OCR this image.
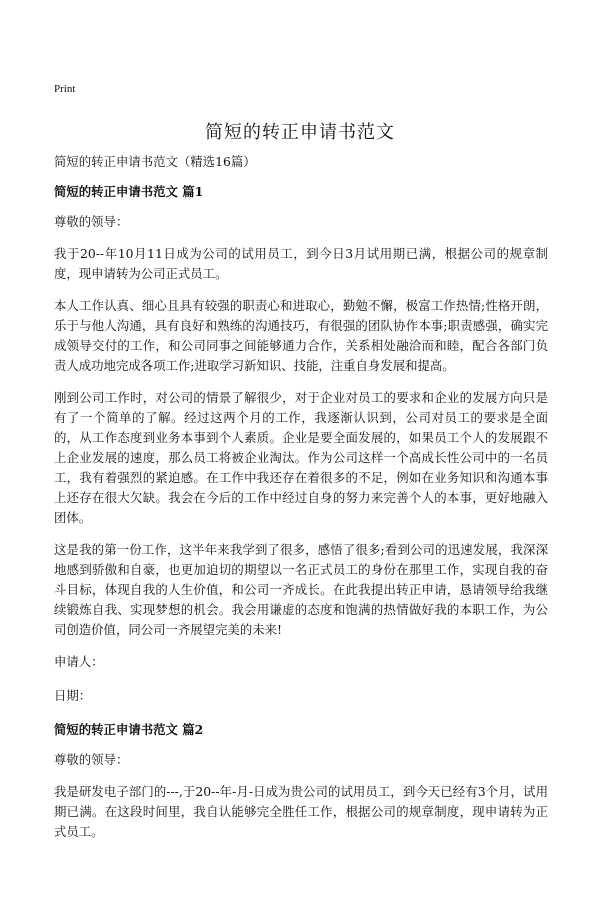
Print
简短的转正申请书范文

简短的转正申请书范文（精选16篇）

简短的转正申请书范文 篇1

尊敬的领导：

我于20--年10月11日成为公司的试用员工，到今日3月试用期已满，根据公司的规章制度，现申请转为公司正式员工。

本人工作认真、细心且具有较强的职责心和进取心，勤勉不懈，极富工作热情;性格开朗，乐于与他人沟通，具有良好和熟练的沟通技巧，有很强的团队协作本事;职责感强，确实完成领导交付的工作，和公司同事之间能够通力合作，关系相处融洽而和睦，配合各部门负责人成功地完成各项工作;进取学习新知识、技能，注重自身发展和提高。

刚到公司工作时，对公司的情景了解很少，对于企业对员工的要求和企业的发展方向只是有了一个简单的了解。经过这两个月的工作，我逐渐认识到，公司对员工的要求是全面的，从工作态度到业务本事到个人素质。企业是要全面发展的，如果员工个人的发展跟不上企业发展的速度，那么员工将被企业淘汰。作为公司这样一个高成长性公司中的一名员工，我有着强烈的紧迫感。在工作中我还存在着很多的不足，例如在业务知识和沟通本事上还存在很大欠缺。我会在今后的工作中经过自身的努力来完善个人的本事，更好地融入团体。

这是我的第一份工作，这半年来我学到了很多，感悟了很多;看到公司的迅速发展，我深深地感到骄傲和自豪，也更加迫切的期望以一名正式员工的身份在那里工作，实现自我的奋斗目标，体现自我的人生价值，和公司一齐成长。在此我提出转正申请，恳请领导给我继续锻炼自我、实现梦想的机会。我会用谦虚的态度和饱满的热情做好我的本职工作，为公司创造价值，同公司一齐展望完美的未来!

申请人：

日期：

简短的转正申请书范文 篇2

尊敬的领导：

我是研发电子部门的---,于20--年-月-日成为贵公司的试用员工，到今天已经有3个月，试用期已满。在这段时间里，我自认能够完全胜任工作，根据公司的规章制度，现申请转为正式员工。
